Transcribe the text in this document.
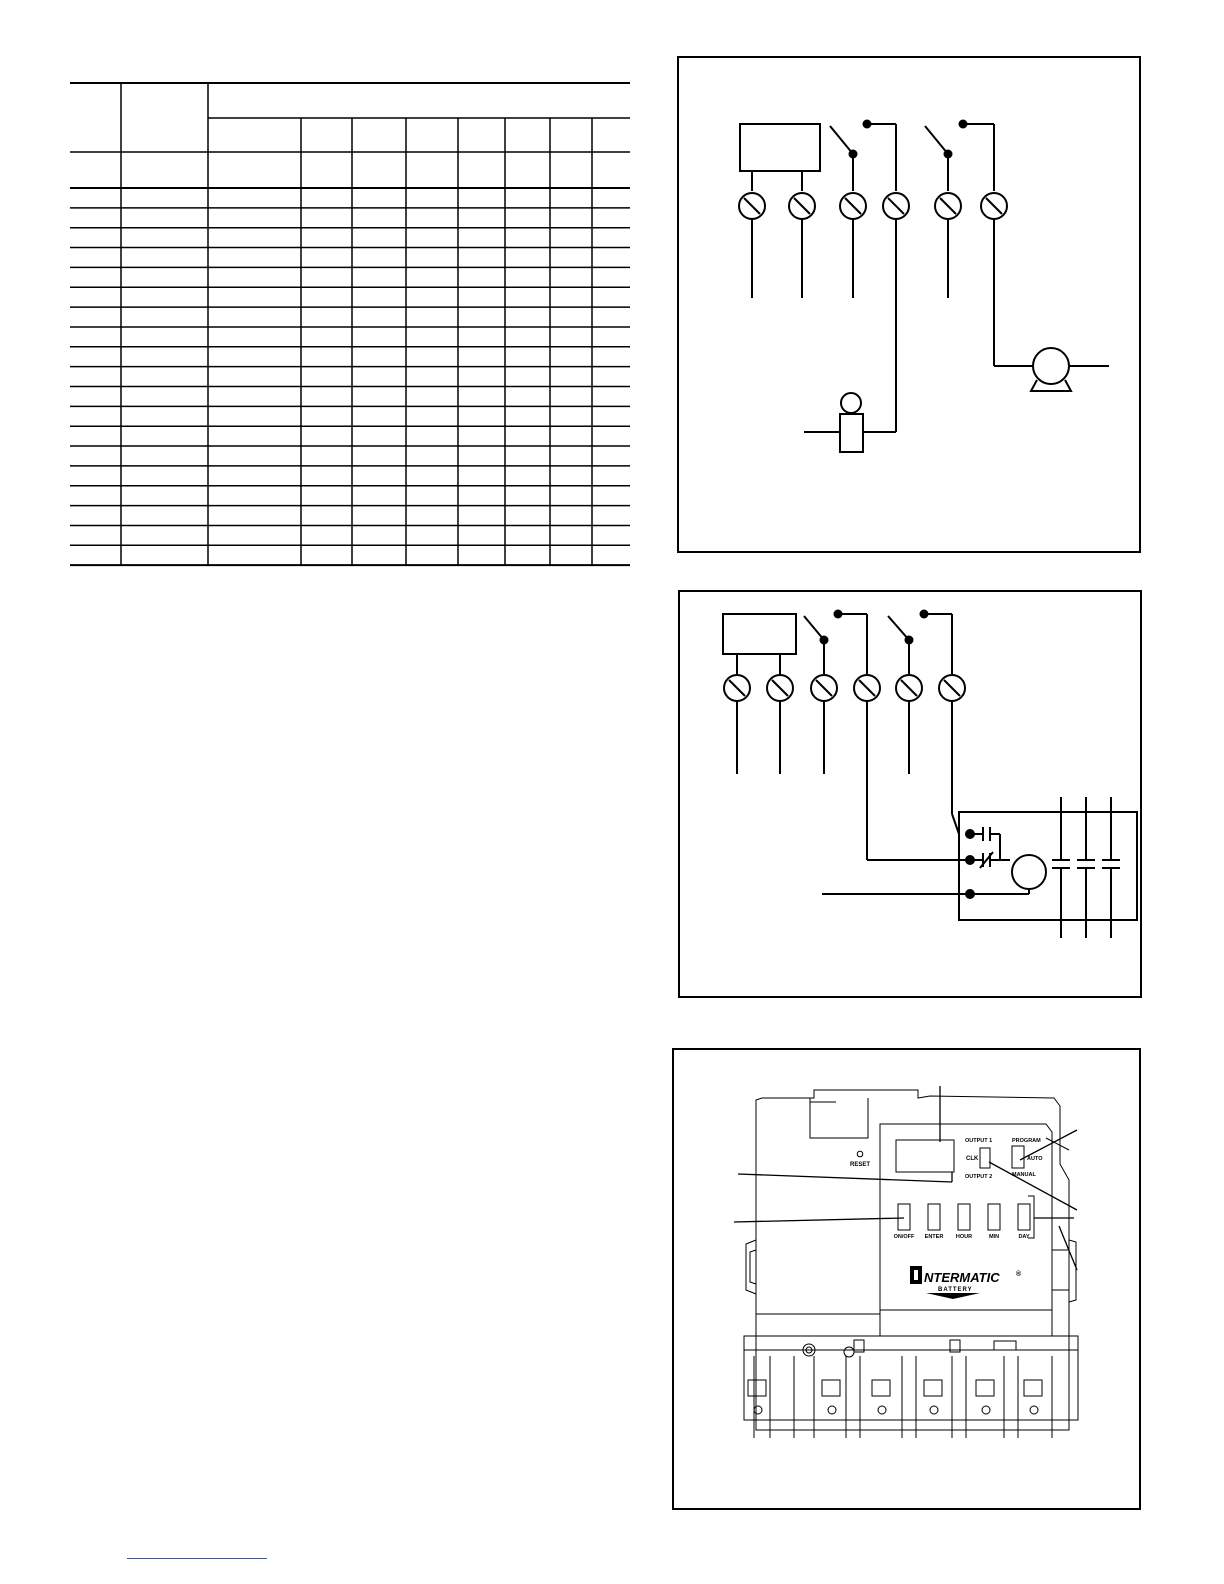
RESET
OUTPUT 1
OUTPUT 2
CLK
PROGRAM
AUTO
MANUAL
ON/OFF ENTER HOUR	MIN	DAY
NTERMATIC ®
BATTERY
